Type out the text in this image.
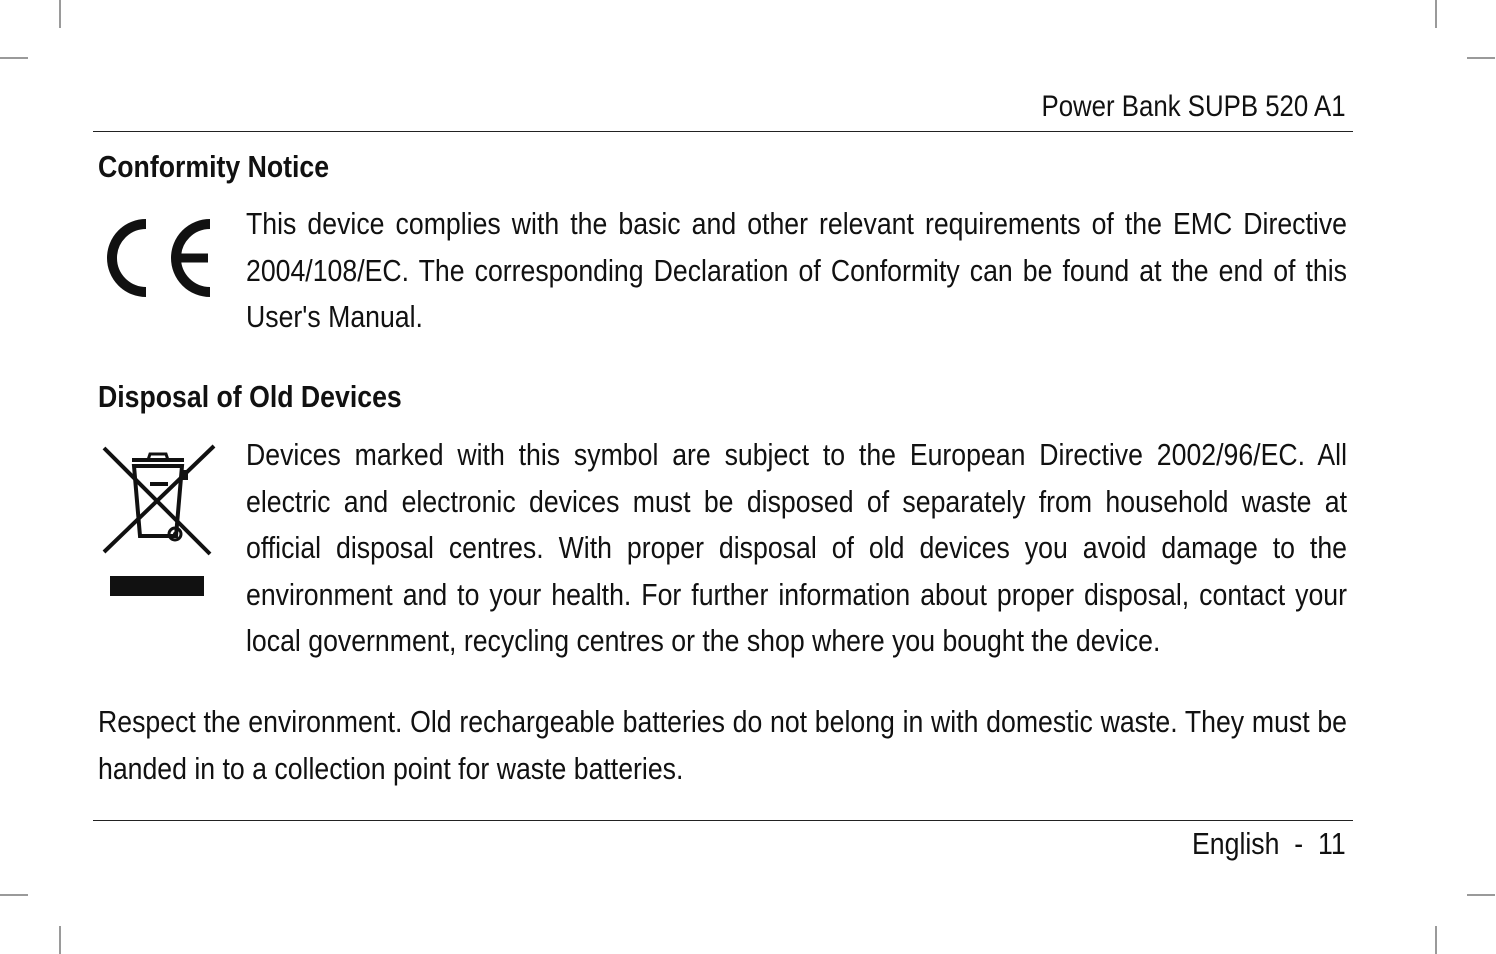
Power Bank SUPB 520 A1
Conformity Notice
This device complies with the basic and other relevant requirements of the EMC Directive 2004/108/EC. The corresponding Declaration of Conformity can be found at the end of this User's Manual.
Disposal of Old Devices
Devices marked with this symbol are subject to the European Directive 2002/96/EC. All electric and electronic devices must be disposed of separately from household waste at official disposal centres. With proper disposal of old devices you avoid damage to the environment and to your health. For further information about proper disposal, contact your local government, recycling centres or the shop where you bought the device.
Respect the environment. Old rechargeable batteries do not belong in with domestic waste. They must be handed in to a collection point for waste batteries.
English - 11
